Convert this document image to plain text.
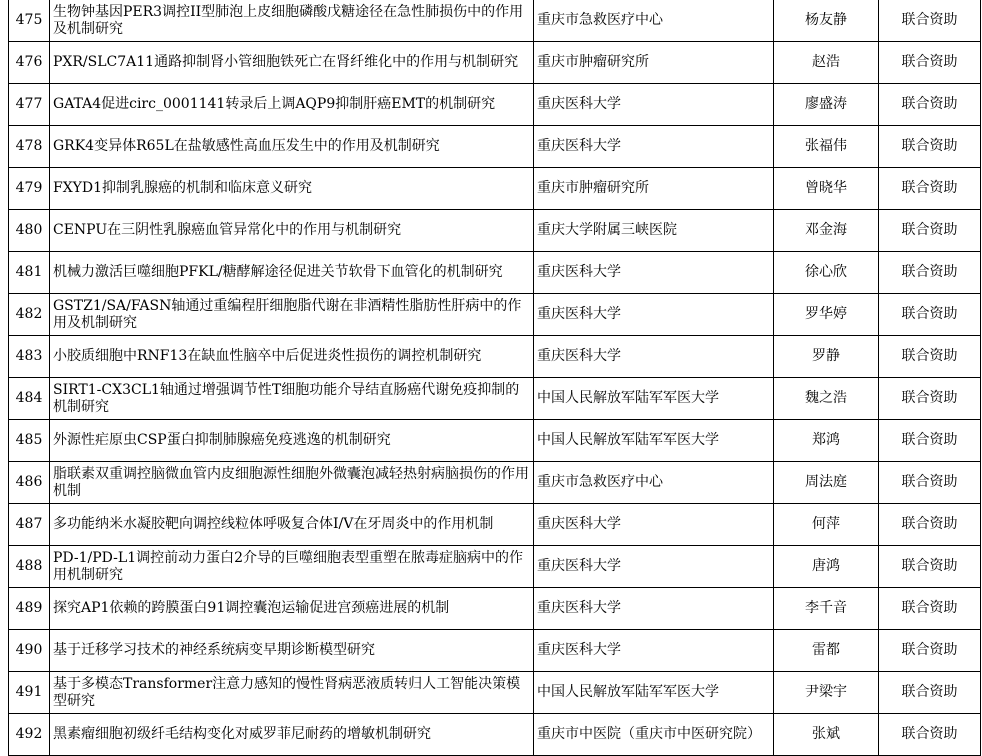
475	生物钟基因PER3调控II型肺泡上皮细胞磷酸戊糖途径在急性肺损伤中的作用及机制研究	重庆市急救医疗中心	杨友静	联合资助
476	PXR/SLC7A11通路抑制肾小管细胞铁死亡在肾纤维化中的作用与机制研究	重庆市肿瘤研究所	赵浩	联合资助
477	GATA4促进circ_0001141转录后上调AQP9抑制肝癌EMT的机制研究	重庆医科大学	廖盛涛	联合资助
478	GRK4变异体R65L在盐敏感性高血压发生中的作用及机制研究	重庆医科大学	张福伟	联合资助
479	FXYD1抑制乳腺癌的机制和临床意义研究	重庆市肿瘤研究所	曾晓华	联合资助
480	CENPU在三阴性乳腺癌血管异常化中的作用与机制研究	重庆大学附属三峡医院	邓金海	联合资助
481	机械力激活巨噬细胞PFKL/糖酵解途径促进关节软骨下血管化的机制研究	重庆医科大学	徐心欣	联合资助
482	GSTZ1/SA/FASN轴通过重编程肝细胞脂代谢在非酒精性脂肪性肝病中的作用及机制研究	重庆医科大学	罗华婷	联合资助
483	小胶质细胞中RNF13在缺血性脑卒中后促进炎性损伤的调控机制研究	重庆医科大学	罗静	联合资助
484	SIRT1-CX3CL1轴通过增强调节性T细胞功能介导结直肠癌代谢免疫抑制的机制研究	中国人民解放军陆军军医大学	魏之浩	联合资助
485	外源性疟原虫CSP蛋白抑制肺腺癌免疫逃逸的机制研究	中国人民解放军陆军军医大学	郑鸿	联合资助
486	脂联素双重调控脑微血管内皮细胞源性细胞外微囊泡减轻热射病脑损伤的作用机制	重庆市急救医疗中心	周法庭	联合资助
487	多功能纳米水凝胶靶向调控线粒体呼吸复合体I/V在牙周炎中的作用机制	重庆医科大学	何萍	联合资助
488	PD-1/PD-L1调控前动力蛋白2介导的巨噬细胞表型重塑在脓毒症脑病中的作用机制研究	重庆医科大学	唐鸿	联合资助
489	探究AP1依赖的跨膜蛋白91调控囊泡运输促进宫颈癌进展的机制	重庆医科大学	李千音	联合资助
490	基于迁移学习技术的神经系统病变早期诊断模型研究	重庆医科大学	雷都	联合资助
491	基于多模态Transformer注意力感知的慢性肾病恶液质转归人工智能决策模型研究	中国人民解放军陆军军医大学	尹梁宇	联合资助
492	黑素瘤细胞初级纤毛结构变化对威罗菲尼耐药的增敏机制研究	重庆市中医院（重庆市中医研究院）	张斌	联合资助
